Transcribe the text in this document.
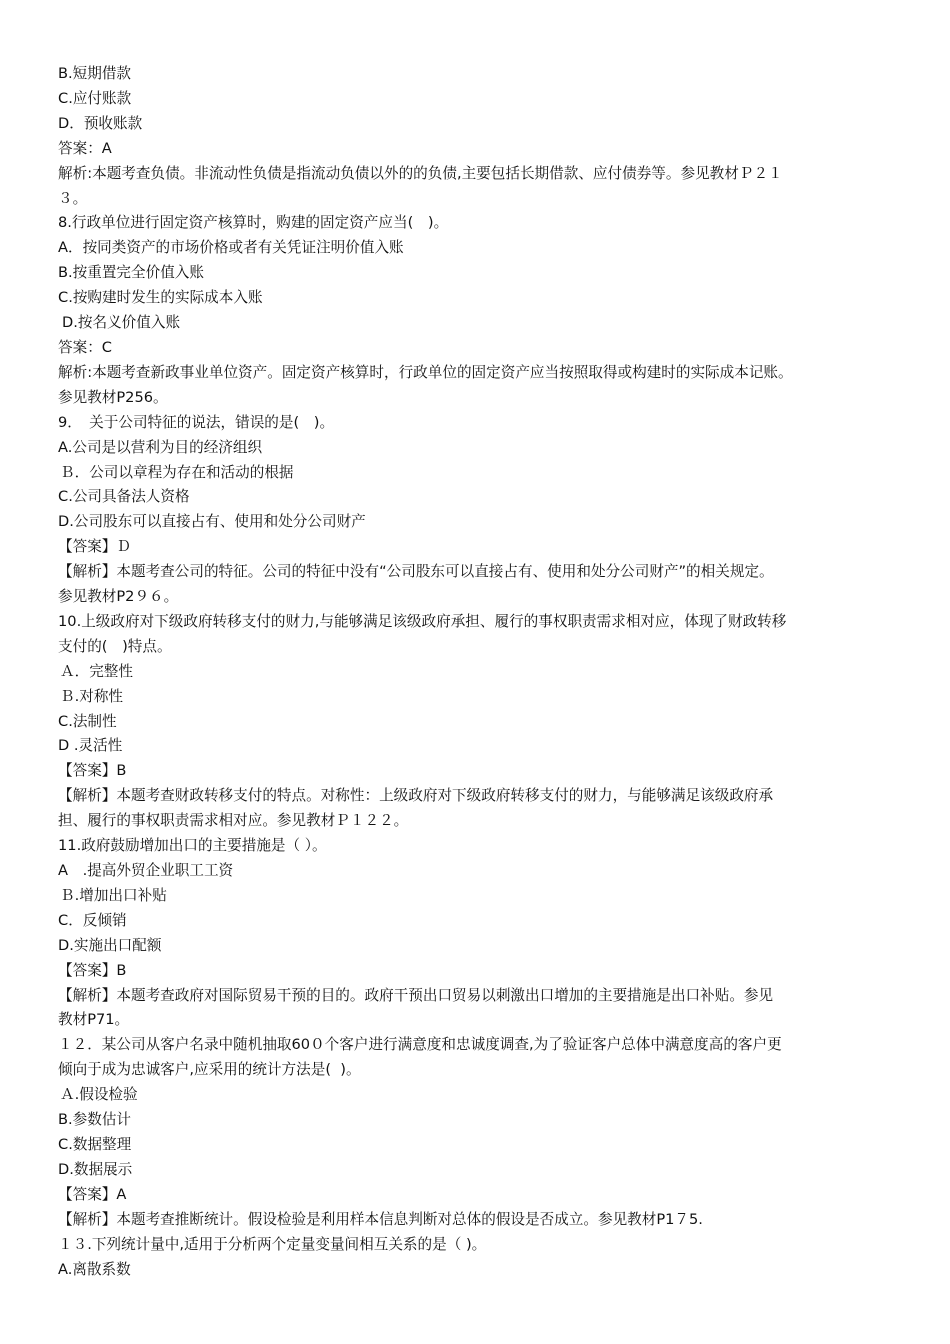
B.短期借款
C.应付账款
D．预收账款
答案：A
解析:本题考查负债。非流动性负债是指流动负债以外的的负债,主要包括长期借款、应付债券等。参见教材Ｐ２１
３。
8.行政单位进行固定资产核算时，购建的固定资产应当(　)。
A．按同类资产的市场价格或者有关凭证注明价值入账
B.按重置完全价值入账
C.按购建时发生的实际成本入账
D.按名义价值入账
答案：C
解析:本题考查新政事业单位资产。固定资产核算时，行政单位的固定资产应当按照取得或构建时的实际成本记账。
参见教材P256。
9．　关于公司特征的说法，错误的是(　)。
A.公司是以营利为目的经济组织
Ｂ．公司以章程为存在和活动的根据
C.公司具备法人资格
D.公司股东可以直接占有、使用和处分公司财产
【答案】Ｄ
【解析】本题考查公司的特征。公司的特征中没有“公司股东可以直接占有、使用和处分公司财产”的相关规定。
参见教材P2９６。
10.上级政府对下级政府转移支付的财力,与能够满足该级政府承担、履行的事权职责需求相对应，体现了财政转移
支付的(　)特点。
Ａ．完整性
Ｂ.对称性
C.法制性
D .灵活性
【答案】B
【解析】本题考查财政转移支付的特点。对称性：上级政府对下级政府转移支付的财力，与能够满足该级政府承
担、履行的事权职责需求相对应。参见教材Ｐ１２２。
11.政府鼓励增加出口的主要措施是（ ）。
A　.提高外贸企业职工工资
Ｂ.增加出口补贴
C．反倾销
D.实施出口配额
【答案】B
【解析】本题考查政府对国际贸易干预的目的。政府干预出口贸易以刺激出口增加的主要措施是出口补贴。参见
教材P71。
１２．某公司从客户名录中随机抽取60０个客户进行满意度和忠诚度调查,为了验证客户总体中满意度高的客户更
倾向于成为忠诚客户,应采用的统计方法是(  )。
Ａ.假设检验
B.参数估计
C.数据整理
D.数据展示
【答案】A
【解析】本题考查推断统计。假设检验是利用样本信息判断对总体的假设是否成立。参见教材P1７5.
１３.下列统计量中,适用于分析两个定量变量间相互关系的是（ )。
A.离散系数
